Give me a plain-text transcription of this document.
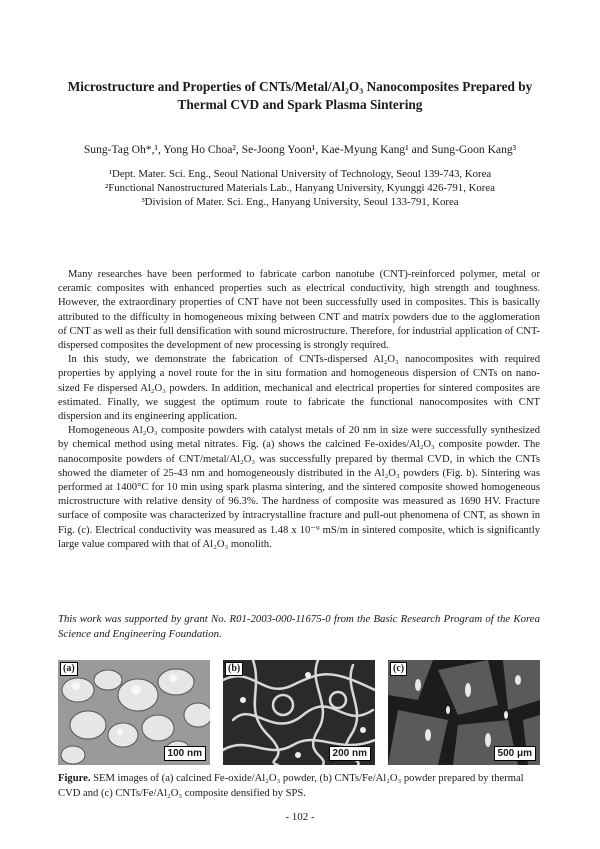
Microstructure and Properties of CNTs/Metal/Al₂O₃ Nanocomposites Prepared by
Thermal CVD and Spark Plasma Sintering
Sung-Tag Oh*,¹, Yong Ho Choa², Se-Joong Yoon¹, Kae-Myung Kang¹ and Sung-Goon Kang³
¹Dept. Mater. Sci. Eng., Seoul National University of Technology, Seoul 139-743, Korea
²Functional Nanostructured Materials Lab., Hanyang University, Kyunggi 426-791, Korea
³Division of Mater. Sci. Eng., Hanyang University, Seoul 133-791, Korea

Many researches have been performed to fabricate carbon nanotube (CNT)-reinforced polymer, metal or ceramic composites with enhanced properties such as electrical conductivity, high strength and toughness. However, the extraordinary properties of CNT have not been successfully used in composites. This is basically attributed to the difficulty in homogeneous mixing between CNT and matrix powders due to the agglomeration of CNT as well as their full densification with sound microstructure. Therefore, for industrial application of CNT-dispersed composites the development of new processing is strongly required.

In this study, we demonstrate the fabrication of CNTs-dispersed Al₂O₃ nanocomposites with required properties by applying a novel route for the in situ formation and homogeneous dispersion of CNTs on nano-sized Fe dispersed Al₂O₃ powders. In addition, mechanical and electrical properties for sintered composites are estimated. Finally, we suggest the optimum route to fabricate the functional nanocomposites with CNT dispersion and its engineering application.

Homogeneous Al₂O₃ composite powders with catalyst metals of 20 nm in size were successfully synthesized by chemical method using metal nitrates. Fig. (a) shows the calcined Fe-oxides/Al₂O₃ composite powder. The nanocomposite powders of CNT/metal/Al₂O₃ was successfully prepared by thermal CVD, in which the CNTs showed the diameter of 25-43 nm and homogeneously distributed in the Al₂O₃ powders (Fig. b). Sintering was performed at 1400°C for 10 min using spark plasma sintering, and the sintered composite showed homogeneous microstructure with relative density of 96.3%. The hardness of composite was measured as 1690 HV. Fracture surface of composite was characterized by intracrystalline fracture and pull-out phenomena of CNT, as shown in Fig. (c). Electrical conductivity was measured as 1.48 x 10⁻⁹ mS/m in sintered composite, which is significantly large value compared with that of Al₂O₃ monolith.

This work was supported by grant No. R01-2003-000-11675-0 from the Basic Research Program of the Korea Science and Engineering Foundation.
(a)
100 nm
(b)
200 nm
(c)
500 μm
Figure. SEM images of (a) calcined Fe-oxide/Al₂O₃ powder, (b) CNTs/Fe/Al₂O₃ powder prepared by thermal CVD and (c) CNTs/Fe/Al₂O₃ composite densified by SPS.
- 102 -
